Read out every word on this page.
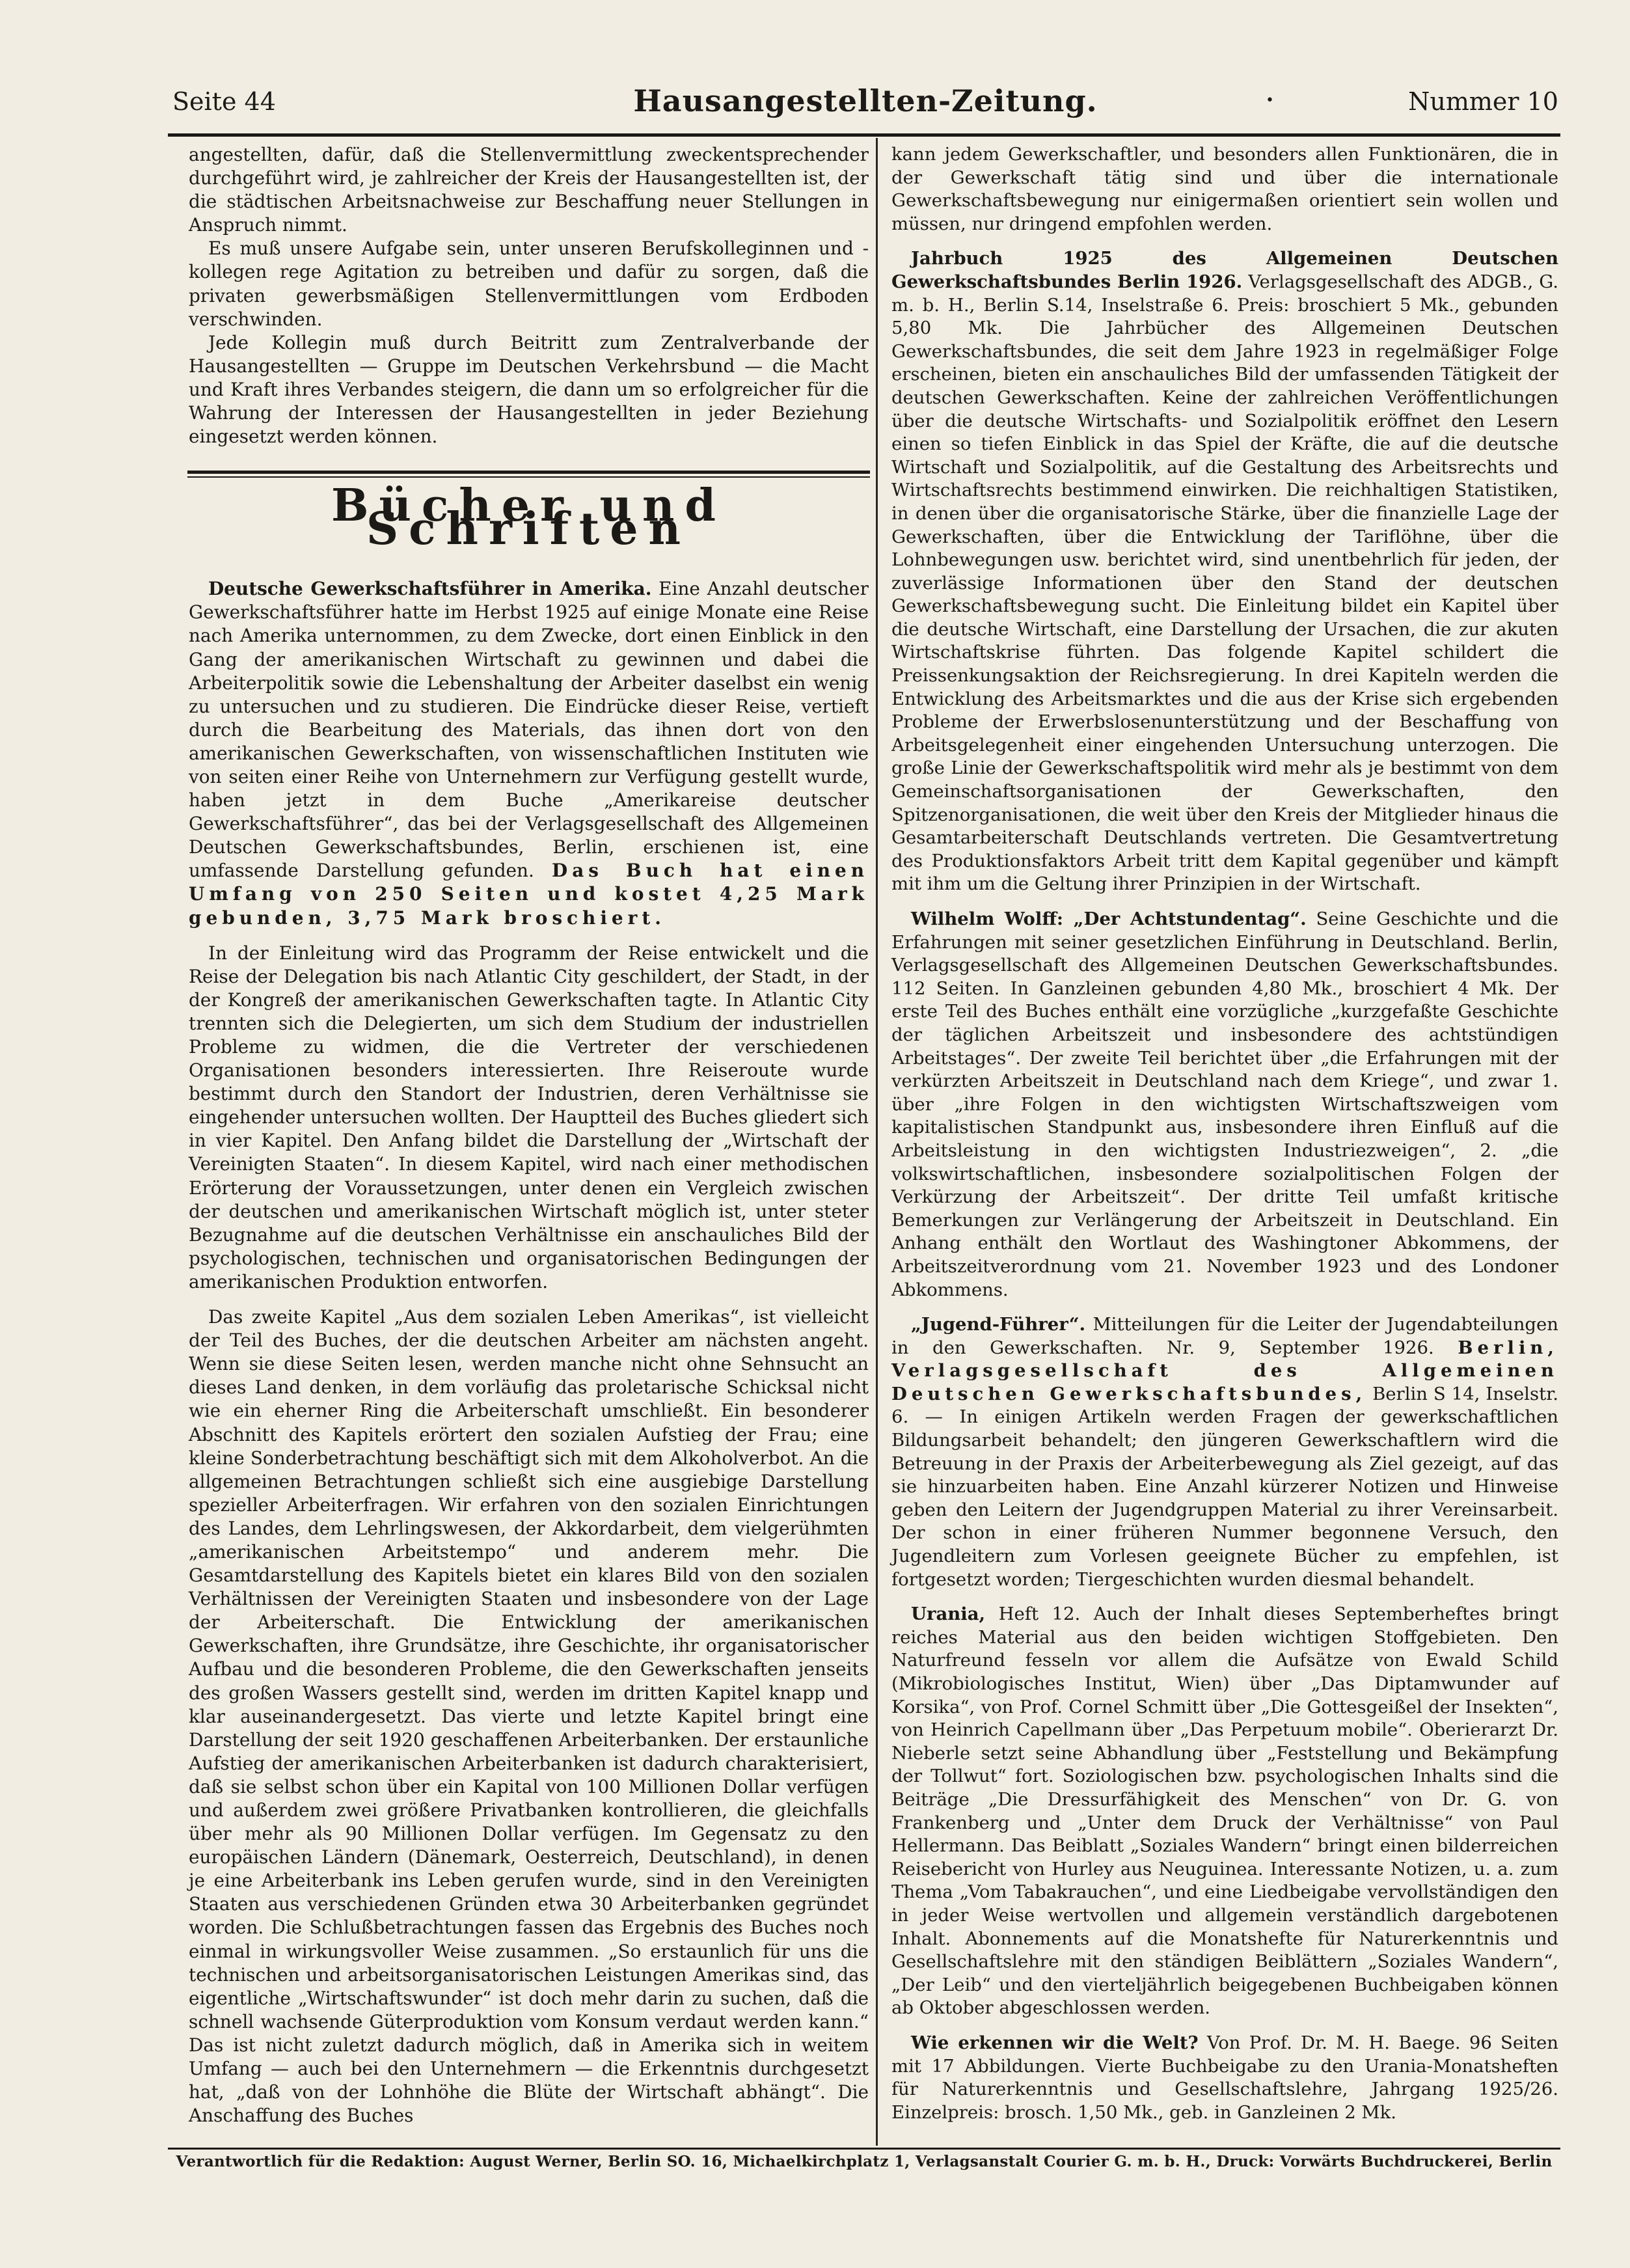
Seite 44	Hausangestellten-Zeitung.	•	Nummer 10

angestellten, dafür, daß die Stellenvermittlung zweckentsprechender durchgeführt wird, je zahlreicher der Kreis der Hausangestellten ist, der die städtischen Arbeitsnachweise zur Beschaffung neuer Stellungen in Anspruch nimmt.

Es muß unsere Aufgabe sein, unter unseren Berufskolleginnen und -kollegen rege Agitation zu betreiben und dafür zu sorgen, daß die privaten gewerbsmäßigen Stellenvermittlungen vom Erdboden verschwinden.

Jede Kollegin muß durch Beitritt zum Zentralverbande der Hausangestellten — Gruppe im Deutschen Verkehrsbund — die Macht und Kraft ihres Verbandes steigern, die dann um so erfolgreicher für die Wahrung der Interessen der Hausangestellten in jeder Beziehung eingesetzt werden können.

Bücher und Schriften

Deutsche Gewerkschaftsführer in Amerika. Eine Anzahl deutscher Gewerkschaftsführer hatte im Herbst 1925 auf einige Monate eine Reise nach Amerika unternommen, zu dem Zwecke, dort einen Einblick in den Gang der amerikanischen Wirtschaft zu gewinnen und dabei die Arbeiterpolitik sowie die Lebenshaltung der Arbeiter daselbst ein wenig zu untersuchen und zu studieren. Die Eindrücke dieser Reise, vertieft durch die Bearbeitung des Materials, das ihnen dort von den amerikanischen Gewerkschaften, von wissenschaftlichen Instituten wie von seiten einer Reihe von Unternehmern zur Verfügung gestellt wurde, haben jetzt in dem Buche „Amerikareise deutscher Gewerkschaftsführer“, das bei der Verlagsgesellschaft des Allgemeinen Deutschen Gewerkschaftsbundes, Berlin, erschienen ist, eine umfassende Darstellung gefunden. Das Buch hat einen Umfang von 250 Seiten und kostet 4,25 Mark gebunden, 3,75 Mark broschiert.

In der Einleitung wird das Programm der Reise entwickelt und die Reise der Delegation bis nach Atlantic City geschildert, der Stadt, in der der Kongreß der amerikanischen Gewerkschaften tagte. In Atlantic City trennten sich die Delegierten, um sich dem Studium der industriellen Probleme zu widmen, die die Vertreter der verschiedenen Organisationen besonders interessierten. Ihre Reiseroute wurde bestimmt durch den Standort der Industrien, deren Verhältnisse sie eingehender untersuchen wollten. Der Hauptteil des Buches gliedert sich in vier Kapitel. Den Anfang bildet die Darstellung der „Wirtschaft der Vereinigten Staaten“. In diesem Kapitel, wird nach einer methodischen Erörterung der Voraussetzungen, unter denen ein Vergleich zwischen der deutschen und amerikanischen Wirtschaft möglich ist, unter steter Bezugnahme auf die deutschen Verhältnisse ein anschauliches Bild der psychologischen, technischen und organisatorischen Bedingungen der amerikanischen Produktion entworfen.

Das zweite Kapitel „Aus dem sozialen Leben Amerikas“, ist vielleicht der Teil des Buches, der die deutschen Arbeiter am nächsten angeht. Wenn sie diese Seiten lesen, werden manche nicht ohne Sehnsucht an dieses Land denken, in dem vorläufig das proletarische Schicksal nicht wie ein eherner Ring die Arbeiterschaft umschließt. Ein besonderer Abschnitt des Kapitels erörtert den sozialen Aufstieg der Frau; eine kleine Sonderbetrachtung beschäftigt sich mit dem Alkoholverbot. An die allgemeinen Betrachtungen schließt sich eine ausgiebige Darstellung spezieller Arbeiterfragen. Wir erfahren von den sozialen Einrichtungen des Landes, dem Lehrlingswesen, der Akkordarbeit, dem vielgerühmten „amerikanischen Arbeitstempo“ und anderem mehr. Die Gesamtdarstellung des Kapitels bietet ein klares Bild von den sozialen Verhältnissen der Vereinigten Staaten und insbesondere von der Lage der Arbeiterschaft. Die Entwicklung der amerikanischen Gewerkschaften, ihre Grundsätze, ihre Geschichte, ihr organisatorischer Aufbau und die besonderen Probleme, die den Gewerkschaften jenseits des großen Wassers gestellt sind, werden im dritten Kapitel knapp und klar auseinandergesetzt. Das vierte und letzte Kapitel bringt eine Darstellung der seit 1920 geschaffenen Arbeiterbanken. Der erstaunliche Aufstieg der amerikanischen Arbeiterbanken ist dadurch charakterisiert, daß sie selbst schon über ein Kapital von 100 Millionen Dollar verfügen und außerdem zwei größere Privatbanken kontrollieren, die gleichfalls über mehr als 90 Millionen Dollar verfügen. Im Gegensatz zu den europäischen Ländern (Dänemark, Oesterreich, Deutschland), in denen je eine Arbeiterbank ins Leben gerufen wurde, sind in den Vereinigten Staaten aus verschiedenen Gründen etwa 30 Arbeiterbanken gegründet worden. Die Schlußbetrachtungen fassen das Ergebnis des Buches noch einmal in wirkungsvoller Weise zusammen. „So erstaunlich für uns die technischen und arbeitsorganisatorischen Leistungen Amerikas sind, das eigentliche „Wirtschaftswunder“ ist doch mehr darin zu suchen, daß die schnell wachsende Güterproduktion vom Konsum verdaut werden kann.“ Das ist nicht zuletzt dadurch möglich, daß in Amerika sich in weitem Umfang — auch bei den Unternehmern — die Erkenntnis durchgesetzt hat, „daß von der Lohnhöhe die Blüte der Wirtschaft abhängt“. Die Anschaffung des Buches

kann jedem Gewerkschaftler, und besonders allen Funktionären, die in der Gewerkschaft tätig sind und über die internationale Gewerkschaftsbewegung nur einigermaßen orientiert sein wollen und müssen, nur dringend empfohlen werden.

Jahrbuch 1925 des Allgemeinen Deutschen Gewerkschaftsbundes Berlin 1926. Verlagsgesellschaft des ADGB., G. m. b. H., Berlin S.14, Inselstraße 6. Preis: broschiert 5 Mk., gebunden 5,80 Mk. Die Jahrbücher des Allgemeinen Deutschen Gewerkschaftsbundes, die seit dem Jahre 1923 in regelmäßiger Folge erscheinen, bieten ein anschauliches Bild der umfassenden Tätigkeit der deutschen Gewerkschaften. Keine der zahlreichen Veröffentlichungen über die deutsche Wirtschafts- und Sozialpolitik eröffnet den Lesern einen so tiefen Einblick in das Spiel der Kräfte, die auf die deutsche Wirtschaft und Sozialpolitik, auf die Gestaltung des Arbeitsrechts und Wirtschaftsrechts bestimmend einwirken. Die reichhaltigen Statistiken, in denen über die organisatorische Stärke, über die finanzielle Lage der Gewerkschaften, über die Entwicklung der Tariflöhne, über die Lohnbewegungen usw. berichtet wird, sind unentbehrlich für jeden, der zuverlässige Informationen über den Stand der deutschen Gewerkschaftsbewegung sucht. Die Einleitung bildet ein Kapitel über die deutsche Wirtschaft, eine Darstellung der Ursachen, die zur akuten Wirtschaftskrise führten. Das folgende Kapitel schildert die Preissenkungsaktion der Reichsregierung. In drei Kapiteln werden die Entwicklung des Arbeitsmarktes und die aus der Krise sich ergebenden Probleme der Erwerbslosenunterstützung und der Beschaffung von Arbeitsgelegenheit einer eingehenden Untersuchung unterzogen. Die große Linie der Gewerkschaftspolitik wird mehr als je bestimmt von dem Gemeinschaftsorganisationen der Gewerkschaften, den Spitzenorganisationen, die weit über den Kreis der Mitglieder hinaus die Gesamtarbeiterschaft Deutschlands vertreten. Die Gesamtvertretung des Produktionsfaktors Arbeit tritt dem Kapital gegenüber und kämpft mit ihm um die Geltung ihrer Prinzipien in der Wirtschaft.

Wilhelm Wolff: „Der Achtstundentag“. Seine Geschichte und die Erfahrungen mit seiner gesetzlichen Einführung in Deutschland. Berlin, Verlagsgesellschaft des Allgemeinen Deutschen Gewerkschaftsbundes. 112 Seiten. In Ganzleinen gebunden 4,80 Mk., broschiert 4 Mk. Der erste Teil des Buches enthält eine vorzügliche „kurzgefaßte Geschichte der täglichen Arbeitszeit und insbesondere des achtstündigen Arbeitstages“. Der zweite Teil berichtet über „die Erfahrungen mit der verkürzten Arbeitszeit in Deutschland nach dem Kriege“, und zwar 1. über „ihre Folgen in den wichtigsten Wirtschaftszweigen vom kapitalistischen Standpunkt aus, insbesondere ihren Einfluß auf die Arbeitsleistung in den wichtigsten Industriezweigen“, 2. „die volkswirtschaftlichen, insbesondere sozialpolitischen Folgen der Verkürzung der Arbeitszeit“. Der dritte Teil umfaßt kritische Bemerkungen zur Verlängerung der Arbeitszeit in Deutschland. Ein Anhang enthält den Wortlaut des Washingtoner Abkommens, der Arbeitszeitverordnung vom 21. November 1923 und des Londoner Abkommens.

„Jugend-Führer“. Mitteilungen für die Leiter der Jugendabteilungen in den Gewerkschaften. Nr. 9, September 1926. Berlin, Verlagsgesellschaft des Allgemeinen Deutschen Gewerkschaftsbundes, Berlin S 14, Inselstr. 6. — In einigen Artikeln werden Fragen der gewerkschaftlichen Bildungsarbeit behandelt; den jüngeren Gewerkschaftlern wird die Betreuung in der Praxis der Arbeiterbewegung als Ziel gezeigt, auf das sie hinzuarbeiten haben. Eine Anzahl kürzerer Notizen und Hinweise geben den Leitern der Jugendgruppen Material zu ihrer Vereinsarbeit. Der schon in einer früheren Nummer begonnene Versuch, den Jugendleitern zum Vorlesen geeignete Bücher zu empfehlen, ist fortgesetzt worden; Tiergeschichten wurden diesmal behandelt.

Urania, Heft 12. Auch der Inhalt dieses Septemberheftes bringt reiches Material aus den beiden wichtigen Stoffgebieten. Den Naturfreund fesseln vor allem die Aufsätze von Ewald Schild (Mikrobiologisches Institut, Wien) über „Das Diptamwunder auf Korsika“, von Prof. Cornel Schmitt über „Die Gottesgeißel der Insekten“, von Heinrich Capellmann über „Das Perpetuum mobile“. Oberierarzt Dr. Nieberle setzt seine Abhandlung über „Feststellung und Bekämpfung der Tollwut“ fort. Soziologischen bzw. psychologischen Inhalts sind die Beiträge „Die Dressurfähigkeit des Menschen“ von Dr. G. von Frankenberg und „Unter dem Druck der Verhältnisse“ von Paul Hellermann. Das Beiblatt „Soziales Wandern“ bringt einen bilderreichen Reisebericht von Hurley aus Neuguinea. Interessante Notizen, u. a. zum Thema „Vom Tabakrauchen“, und eine Liedbeigabe vervollständigen den in jeder Weise wertvollen und allgemein verständlich dargebotenen Inhalt. Abonnements auf die Monatshefte für Naturerkenntnis und Gesellschaftslehre mit den ständigen Beiblättern „Soziales Wandern“, „Der Leib“ und den vierteljährlich beigegebenen Buchbeigaben können ab Oktober abgeschlossen werden.

Wie erkennen wir die Welt? Von Prof. Dr. M. H. Baege. 96 Seiten mit 17 Abbildungen. Vierte Buchbeigabe zu den Urania-Monatsheften für Naturerkenntnis und Gesellschaftslehre, Jahrgang 1925/26. Einzelpreis: brosch. 1,50 Mk., geb. in Ganzleinen 2 Mk.

Verantwortlich für die Redaktion: August Werner, Berlin SO. 16, Michaelkirchplatz 1, Verlagsanstalt Courier G. m. b. H., Druck: Vorwärts Buchdruckerei, Berlin
